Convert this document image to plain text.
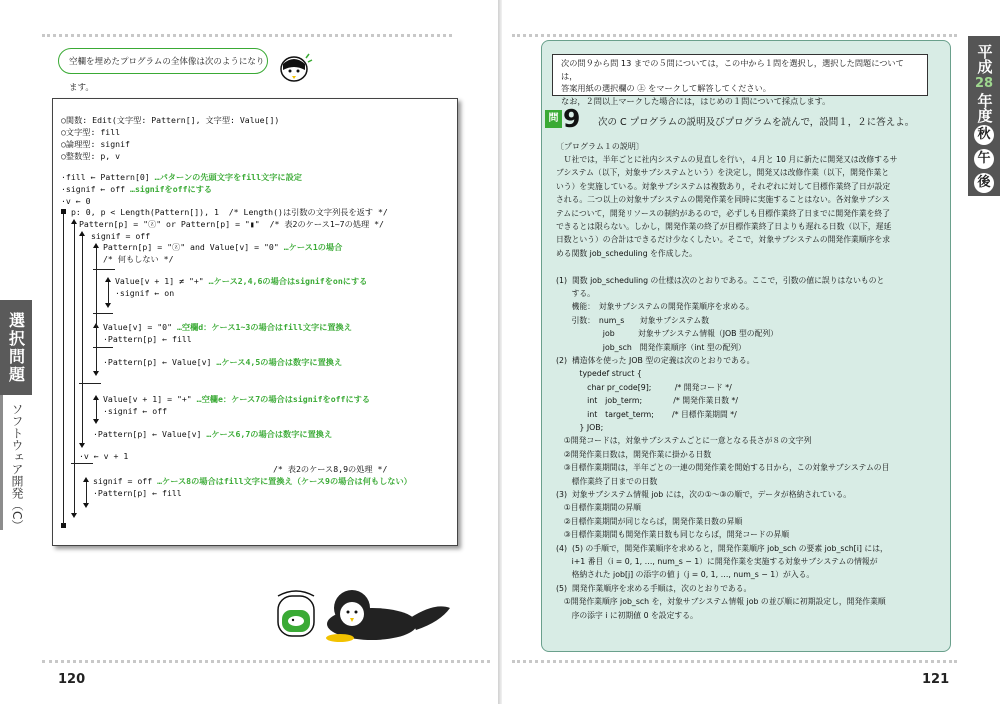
120	121
選択問題
ソフトウェア開発（C）
平成
28
年度
秋
午
後
空欄を埋めたプログラムの全体像は次のようになります。
○関数: Edit(文字型: Pattern[], 文字型: Value[])
○文字型: fill
○論理型: signif
○整数型: p, v
·fill ← Pattern[0] …パターンの先頭文字をfill文字に設定
·signif ← off …signifをoffにする
·v ← 0
p: 0, p < Length(Pattern[]), 1  /* Length()は引数の文字列長を返す */
Pattern[p] = "ⓩ" or Pattern[p] = "▮"  /* 表2のケース1~7の処理 */
signif = off
Pattern[p] = "ⓩ" and Value[v] = "0" …ケース1の場合
/* 何もしない */
Value[v + 1] ≠ "+" …ケース2,4,6の場合はsignifをonにする
·signif ← on
Value[v] = "0" …空欄d：ケース1~3の場合はfill文字に置換え
·Pattern[p] ← fill
·Pattern[p] ← Value[v] …ケース4,5の場合は数字に置換え
Value[v + 1] = "+" …空欄e：ケース7の場合はsignifをoffにする
·signif ← off
·Pattern[p] ← Value[v] …ケース6,7の場合は数字に置換え
·v ← v + 1
/* 表2のケース8,9の処理 */
signif = off …ケース8の場合はfill文字に置換え（ケース9の場合は何もしない）
·Pattern[p] ← fill
次の問９から問 13 までの５問については，この中から１問を選択し，選択した問題については，
答案用紙の選択欄の ㊤ をマークして解答してください。
なお，２問以上マークした場合には，はじめの１問について採点します。
問 9 次の C プログラムの説明及びプログラムを読んで，設問１，２に答えよ。
〔プログラム１の説明〕
　Ｕ社では，半年ごとに社内システムの見直しを行い，４月と 10 月に新たに開発又は改修するサ
ブシステム（以下，対象サブシステムという）を決定し，開発又は改修作業（以下，開発作業と
いう）を実施している。対象サブシステムは複数あり，それぞれに対して目標作業終了日が設定
される。二つ以上の対象サブシステムの開発作業を同時に実施することはない。各対象サブシス
テムについて，開発リソースの制約があるので，必ずしも目標作業終了日までに開発作業を終了
できるとは限らない。しかし，開発作業の終了が目標作業終了日よりも遅れる日数（以下，遅延
日数という）の合計はできるだけ少なくしたい。そこで，対象サブシステムの開発作業順序を求
める関数 job_scheduling を作成した。
(1)  関数 job_scheduling の仕様は次のとおりである。ここで，引数の値に誤りはないものと
　　する。
　　機能：　対象サブシステムの開発作業順序を求める。
　　引数：　num_s　　対象サブシステム数
　　　　　　job　　　対象サブシステム情報（JOB 型の配列）
　　　　　　job_sch　開発作業順序（int 型の配列）
(2)  構造体を使った JOB 型の定義は次のとおりである。
　　　typedef struct {
　　　　char pr_code[9];　　　/* 開発コード */
　　　　int　job_term;　　　　/* 開発作業日数 */
　　　　int　target_term;　　 /* 目標作業期間 */
　　　} JOB;
　①開発コードは，対象サブシステムごとに一意となる長さが８の文字列
　②開発作業日数は，開発作業に掛かる日数
　③目標作業期間は，半年ごとの一連の開発作業を開始する日から，この対象サブシステムの目
　　標作業終了日までの日数
(3)  対象サブシステム情報 job には，次の①～③の順で，データが格納されている。
　①目標作業期間の昇順
　②目標作業期間が同じならば，開発作業日数の昇順
　③目標作業期間も開発作業日数も同じならば，開発コードの昇順
(4)  (5) の手順で，開発作業順序を求めると，開発作業順序 job_sch の要素 job_sch[i] には，
　　i+1 番目（i = 0, 1, …, num_s − 1）に開発作業を実施する対象サブシステムの情報が
　　格納された job[j] の添字の値 j（j = 0, 1, …, num_s − 1）が入る。
(5)  開発作業順序を求める手順は，次のとおりである。
　①開発作業順序 job_sch を，対象サブシステム情報 job の並び順に初期設定し，開発作業順
　　序の添字 i に初期値 0 を設定する。
